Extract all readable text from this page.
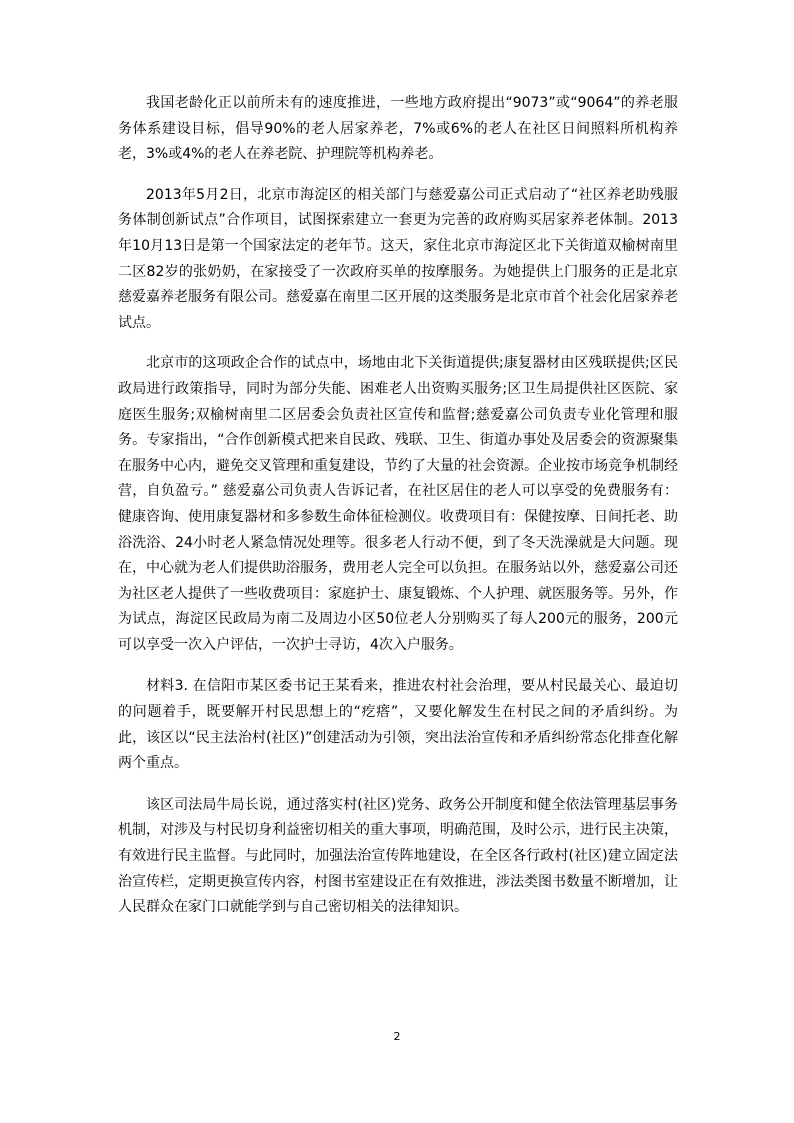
我国老龄化正以前所未有的速度推进，一些地方政府提出“9073”或“9064”的养老服务体系建设目标，倡导90%的老人居家养老，7%或6%的老人在社区日间照料所机构养老，3%或4%的老人在养老院、护理院等机构养老。

2013年5月2日，北京市海淀区的相关部门与慈爱嘉公司正式启动了“社区养老助残服务体制创新试点”合作项目，试图探索建立一套更为完善的政府购买居家养老体制。2013年10月13日是第一个国家法定的老年节。这天，家住北京市海淀区北下关街道双榆树南里二区82岁的张奶奶，在家接受了一次政府买单的按摩服务。为她提供上门服务的正是北京慈爱嘉养老服务有限公司。慈爱嘉在南里二区开展的这类服务是北京市首个社会化居家养老试点。

北京市的这项政企合作的试点中，场地由北下关街道提供;康复器材由区残联提供;区民政局进行政策指导，同时为部分失能、困难老人出资购买服务;区卫生局提供社区医院、家庭医生服务;双榆树南里二区居委会负责社区宣传和监督;慈爱嘉公司负责专业化管理和服务。专家指出，“合作创新模式把来自民政、残联、卫生、街道办事处及居委会的资源聚集在服务中心内，避免交叉管理和重复建设，节约了大量的社会资源。企业按市场竞争机制经营，自负盈亏。” 慈爱嘉公司负责人告诉记者，在社区居住的老人可以享受的免费服务有：健康咨询、使用康复器材和多参数生命体征检测仪。收费项目有：保健按摩、日间托老、助浴洗浴、24小时老人紧急情况处理等。很多老人行动不便，到了冬天洗澡就是大问题。现在，中心就为老人们提供助浴服务，费用老人完全可以负担。在服务站以外，慈爱嘉公司还为社区老人提供了一些收费项目：家庭护士、康复锻炼、个人护理、就医服务等。另外，作为试点，海淀区民政局为南二及周边小区50位老人分别购买了每人200元的服务，200元可以享受一次入户评估，一次护士寻访，4次入户服务。

材料3. 在信阳市某区委书记王某看来，推进农村社会治理，要从村民最关心、最迫切的问题着手，既要解开村民思想上的“疙瘩”，又要化解发生在村民之间的矛盾纠纷。为此，该区以“民主法治村(社区)”创建活动为引领，突出法治宣传和矛盾纠纷常态化排查化解两个重点。

该区司法局牛局长说，通过落实村(社区)党务、政务公开制度和健全依法管理基层事务机制，对涉及与村民切身利益密切相关的重大事项，明确范围，及时公示，进行民主决策，有效进行民主监督。与此同时，加强法治宣传阵地建设，在全区各行政村(社区)建立固定法治宣传栏，定期更换宣传内容，村图书室建设正在有效推进，涉法类图书数量不断增加，让人民群众在家门口就能学到与自己密切相关的法律知识。

2
